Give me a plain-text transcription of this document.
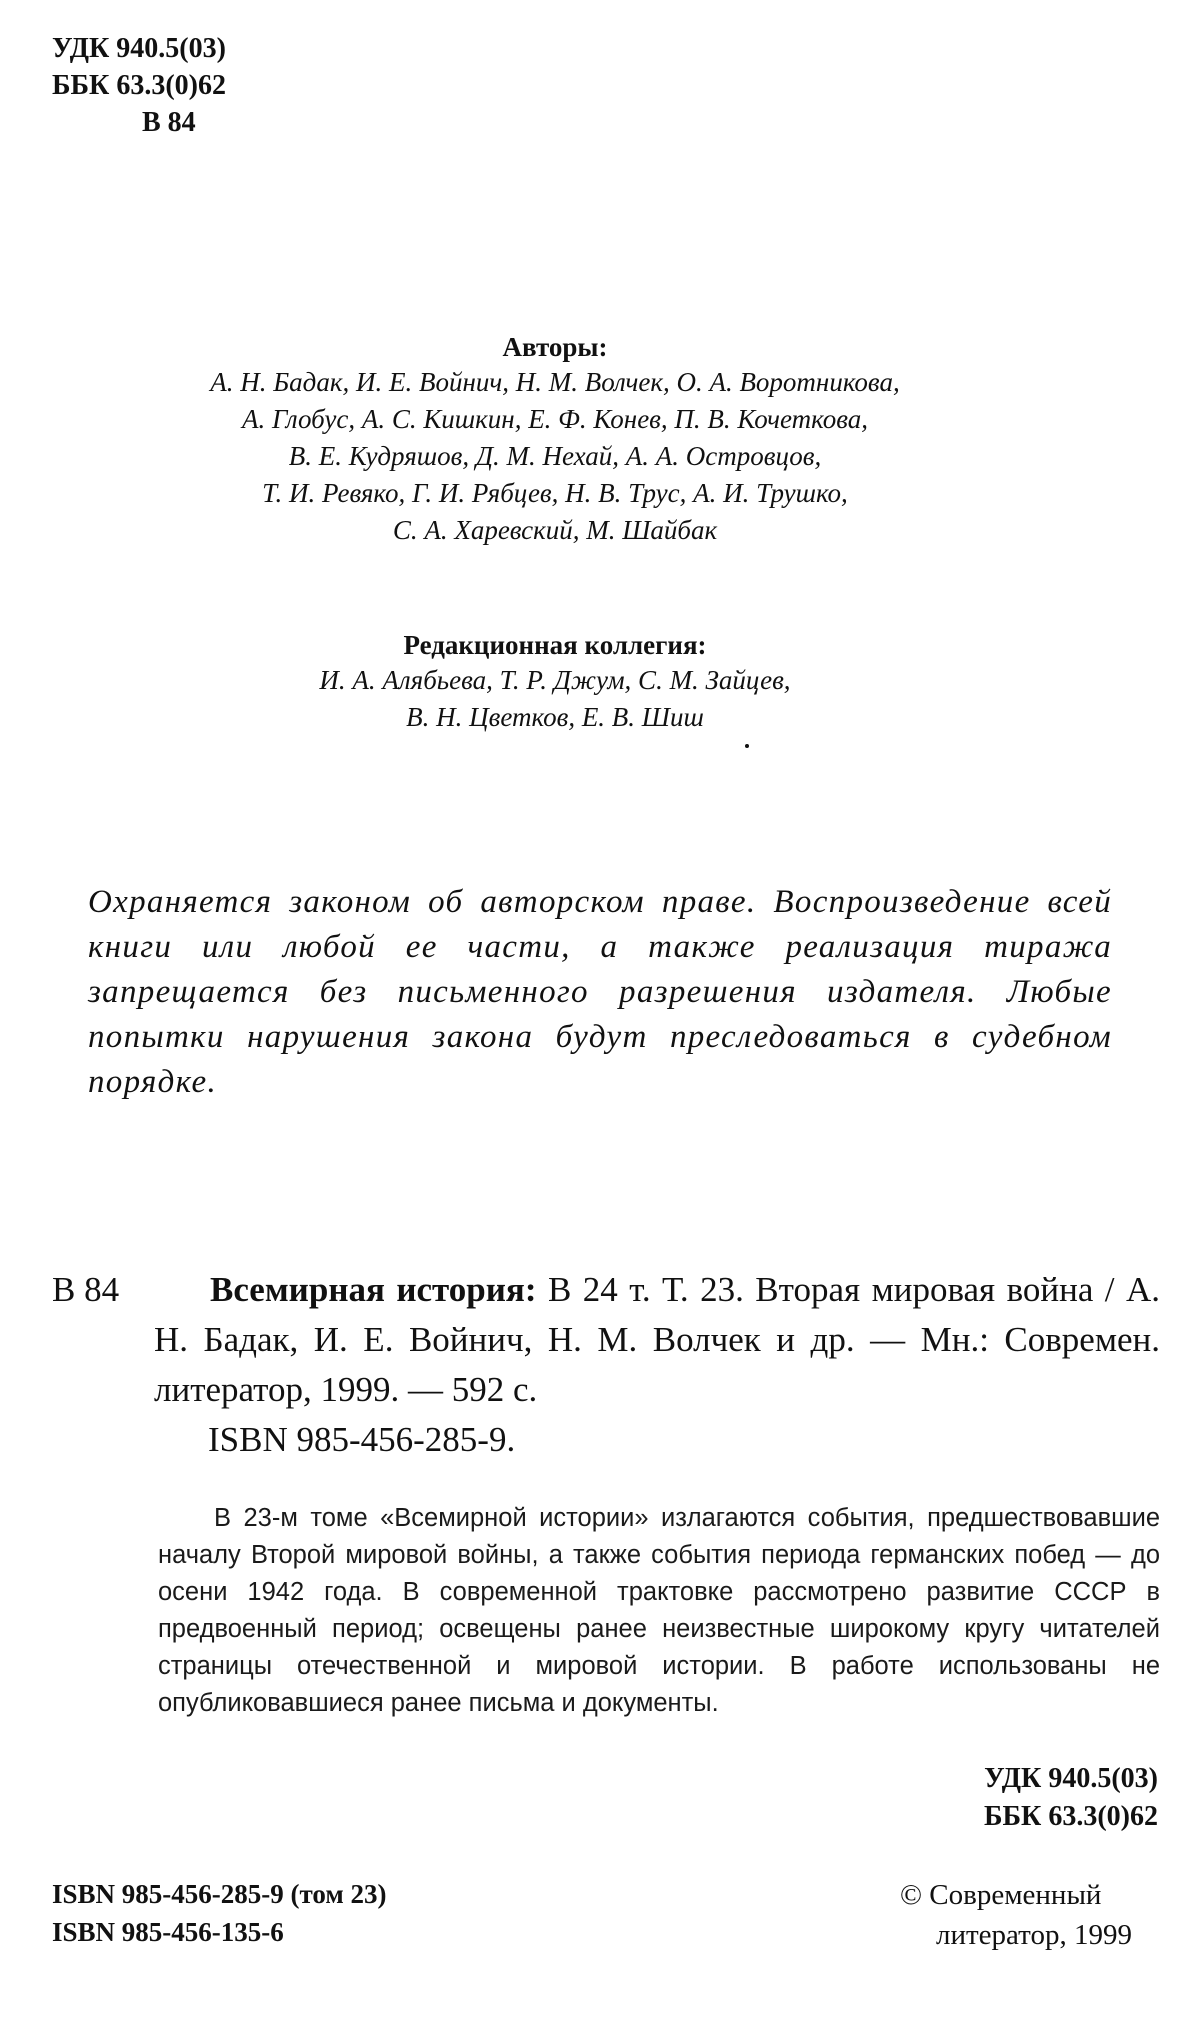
УДК 940.5(03)
ББК 63.3(0)62
В 84
Авторы:
А. Н. Бадак, И. Е. Войнич, Н. М. Волчек, О. А. Воротникова,
А. Глобус, А. С. Кишкин, Е. Ф. Конев, П. В. Кочеткова,
В. Е. Кудряшов, Д. М. Нехай, А. А. Островцов,
Т. И. Ревяко, Г. И. Рябцев, Н. В. Трус, А. И. Трушко,
С. А. Харевский, М. Шайбак
Редакционная коллегия:
И. А. Алябьева, Т. Р. Джум, С. М. Зайцев,
В. Н. Цветков, Е. В. Шиш

Охраняется законом об авторском праве. Воспроизведение всей книги или любой ее части, а также реализация тиража запрещается без письменного разрешения издателя. Любые попытки нарушения закона будут преследоваться в судебном порядке.

В 84	Всемирная история: В 24 т. Т. 23. Вторая мировая война / А. Н. Бадак, И. Е. Войнич, Н. М. Волчек и др. — Мн.: Современ. литератор, 1999. — 592 с.
ISBN 985-456-285-9.

В 23-м томе «Всемирной истории» излагаются события, предшествовавшие началу Второй мировой войны, а также события периода германских побед — до осени 1942 года. В современной трактовке рассмотрено развитие СССР в предвоенный период; освещены ранее неизвестные широкому кругу читателей страницы отечественной и мировой истории. В работе использованы не опубликовавшиеся ранее письма и документы.

УДК 940.5(03)
ББК 63.3(0)62
ISBN 985-456-285-9 (том 23)
ISBN 985-456-135-6
© Современный
литератор, 1999
